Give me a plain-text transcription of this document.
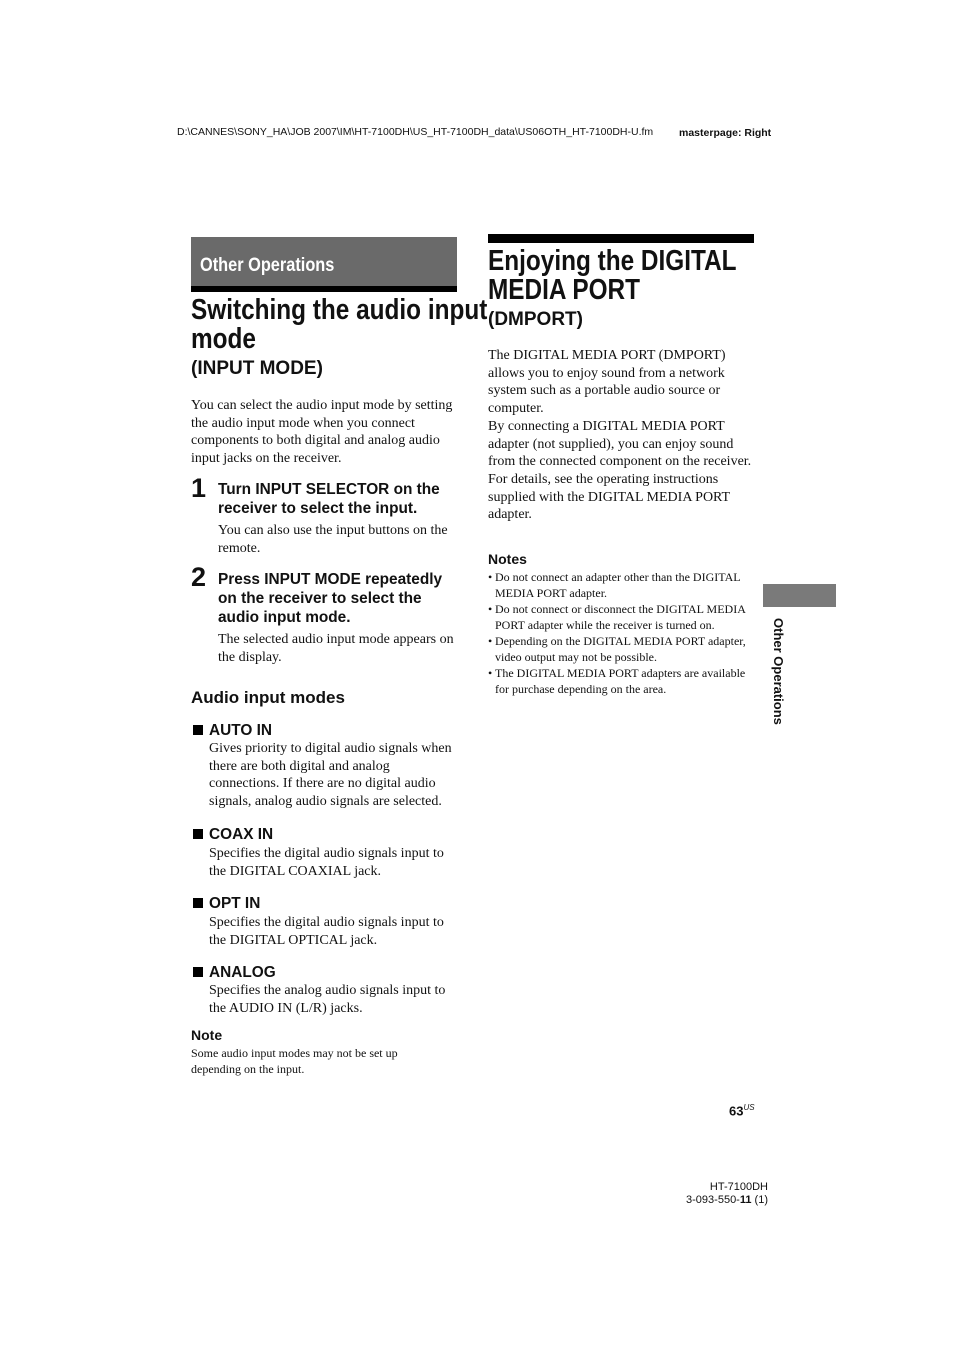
D:\CANNES\SONY_HA\JOB 2007\IM\HT-7100DH\US_HT-7100DH_data\US06OTH_HT-7100DH-U.fm	masterpage: Right
Other Operations
Switching the audio input
mode
(INPUT MODE)
You can select the audio input mode by setting the audio input mode when you connect components to both digital and analog audio input jacks on the receiver.
1 Turn INPUT SELECTOR on the receiver to select the input.
You can also use the input buttons on the remote.
2 Press INPUT MODE repeatedly on the receiver to select the audio input mode.
The selected audio input mode appears on the display.
Audio input modes
AUTO IN
Gives priority to digital audio signals when there are both digital and analog connections. If there are no digital audio signals, analog audio signals are selected.
COAX IN
Specifies the digital audio signals input to the DIGITAL COAXIAL jack.
OPT IN
Specifies the digital audio signals input to the DIGITAL OPTICAL jack.
ANALOG
Specifies the analog audio signals input to the AUDIO IN (L/R) jacks.
Note
Some audio input modes may not be set up depending on the input.
Enjoying the DIGITAL
MEDIA PORT
(DMPORT)
The DIGITAL MEDIA PORT (DMPORT) allows you to enjoy sound from a network system such as a portable audio source or computer.
By connecting a DIGITAL MEDIA PORT adapter (not supplied), you can enjoy sound from the connected component on the receiver.
For details, see the operating instructions supplied with the DIGITAL MEDIA PORT adapter.
Notes
• Do not connect an adapter other than the DIGITAL MEDIA PORT adapter.
• Do not connect or disconnect the DIGITAL MEDIA PORT adapter while the receiver is turned on.
• Depending on the DIGITAL MEDIA PORT adapter, video output may not be possible.
• The DIGITAL MEDIA PORT adapters are available for purchase depending on the area.	Other Operations
$63^{US}$
HT-7100DH
3-093-550-11 (1)
